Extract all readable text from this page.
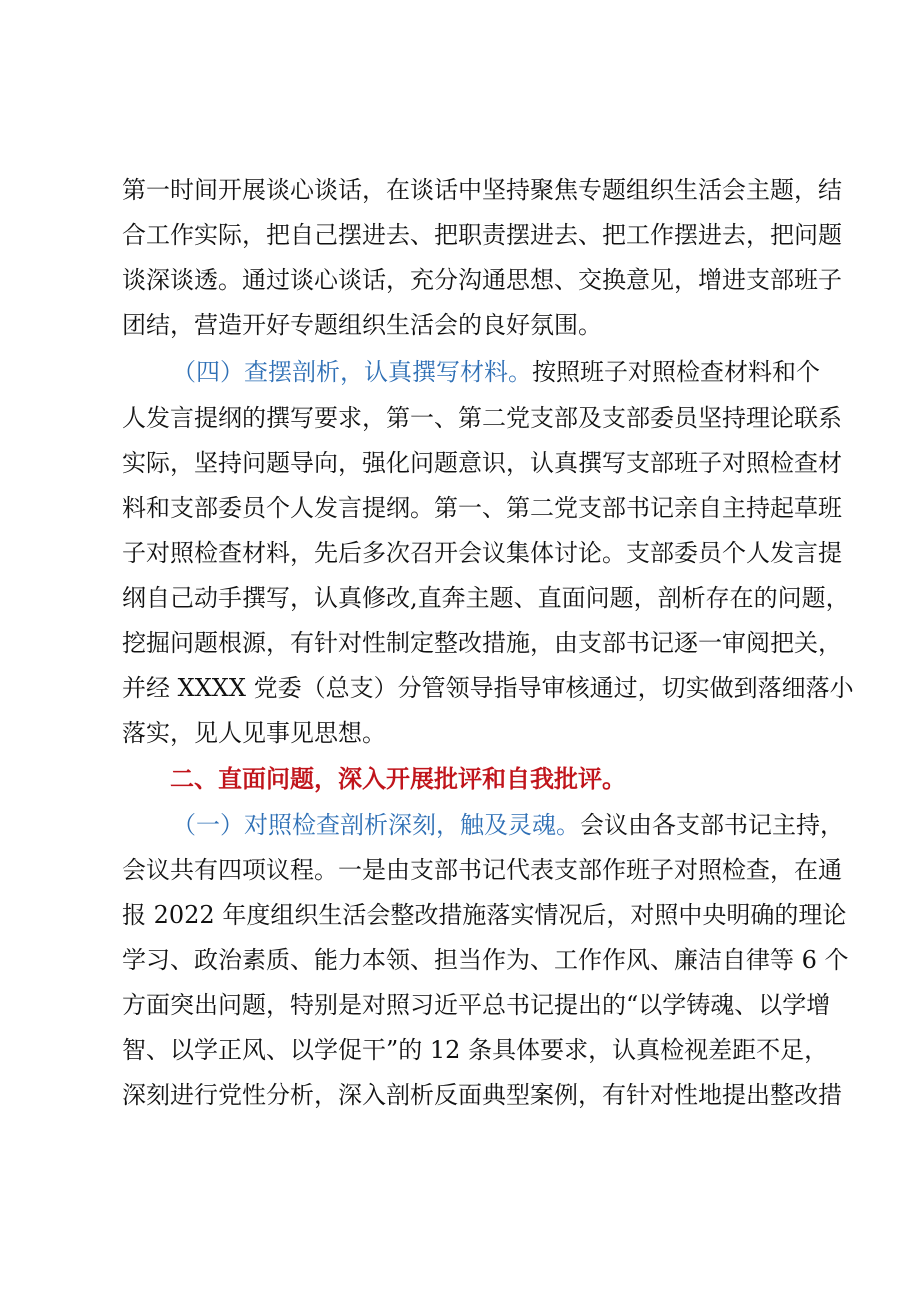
第一时间开展谈心谈话，在谈话中坚持聚焦专题组织生活会主题，结
合工作实际，把自己摆进去、把职责摆进去、把工作摆进去，把问题
谈深谈透。通过谈心谈话，充分沟通思想、交换意见，增进支部班子
团结，营造开好专题组织生活会的良好氛围。
（四）查摆剖析，认真撰写材料。按照班子对照检查材料和个
人发言提纲的撰写要求，第一、第二党支部及支部委员坚持理论联系
实际，坚持问题导向，强化问题意识，认真撰写支部班子对照检查材
料和支部委员个人发言提纲。第一、第二党支部书记亲自主持起草班
子对照检查材料，先后多次召开会议集体讨论。支部委员个人发言提
纲自己动手撰写，认真修改,直奔主题、直面问题，剖析存在的问题，
挖掘问题根源，有针对性制定整改措施，由支部书记逐一审阅把关，
并经 XXXX 党委（总支）分管领导指导审核通过，切实做到落细落小
落实，见人见事见思想。
二、直面问题，深入开展批评和自我批评。
（一）对照检查剖析深刻，触及灵魂。会议由各支部书记主持，
会议共有四项议程。一是由支部书记代表支部作班子对照检查，在通
报 2022 年度组织生活会整改措施落实情况后，对照中央明确的理论
学习、政治素质、能力本领、担当作为、工作作风、廉洁自律等 6 个
方面突出问题，特别是对照习近平总书记提出的“以学铸魂、以学增
智、以学正风、以学促干”的 12 条具体要求，认真检视差距不足，
深刻进行党性分析，深入剖析反面典型案例，有针对性地提出整改措
